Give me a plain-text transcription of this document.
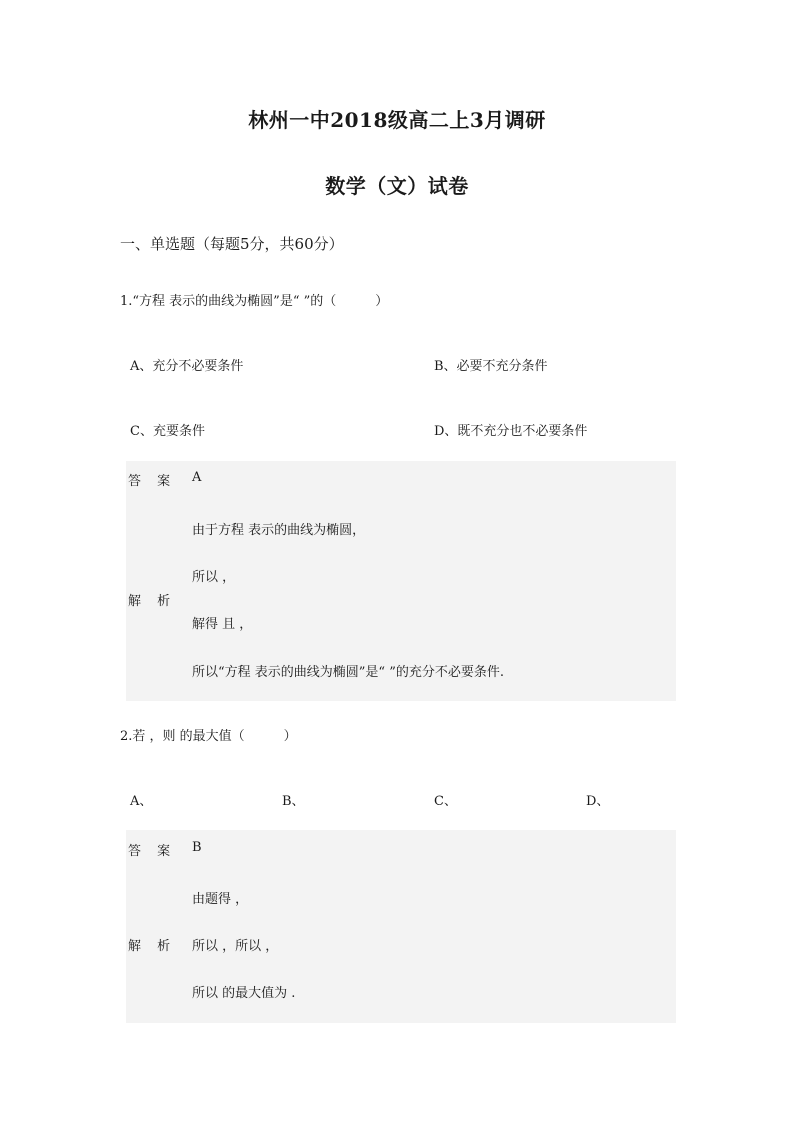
林州一中2018级高二上3月调研
数学（文）试卷
一、单选题（每题5分，共60分）
1.“方程 表示的曲线为椭圆”是“ ”的（　　　）
A、充分不必要条件	B、必要不充分条件
C、充要条件	D、既不充分也不必要条件
答 案 A
解 析
由于方程 表示的曲线为椭圆，
所以 ，
解得 且 ，
所以“方程 表示的曲线为椭圆”是“ ”的充分不必要条件.
2.若 ，则 的最大值（　　　）
A、	B、	C、	D、
答 案 B
解 析
由题得 ，
所以 ，所以 ，
所以 的最大值为 .
